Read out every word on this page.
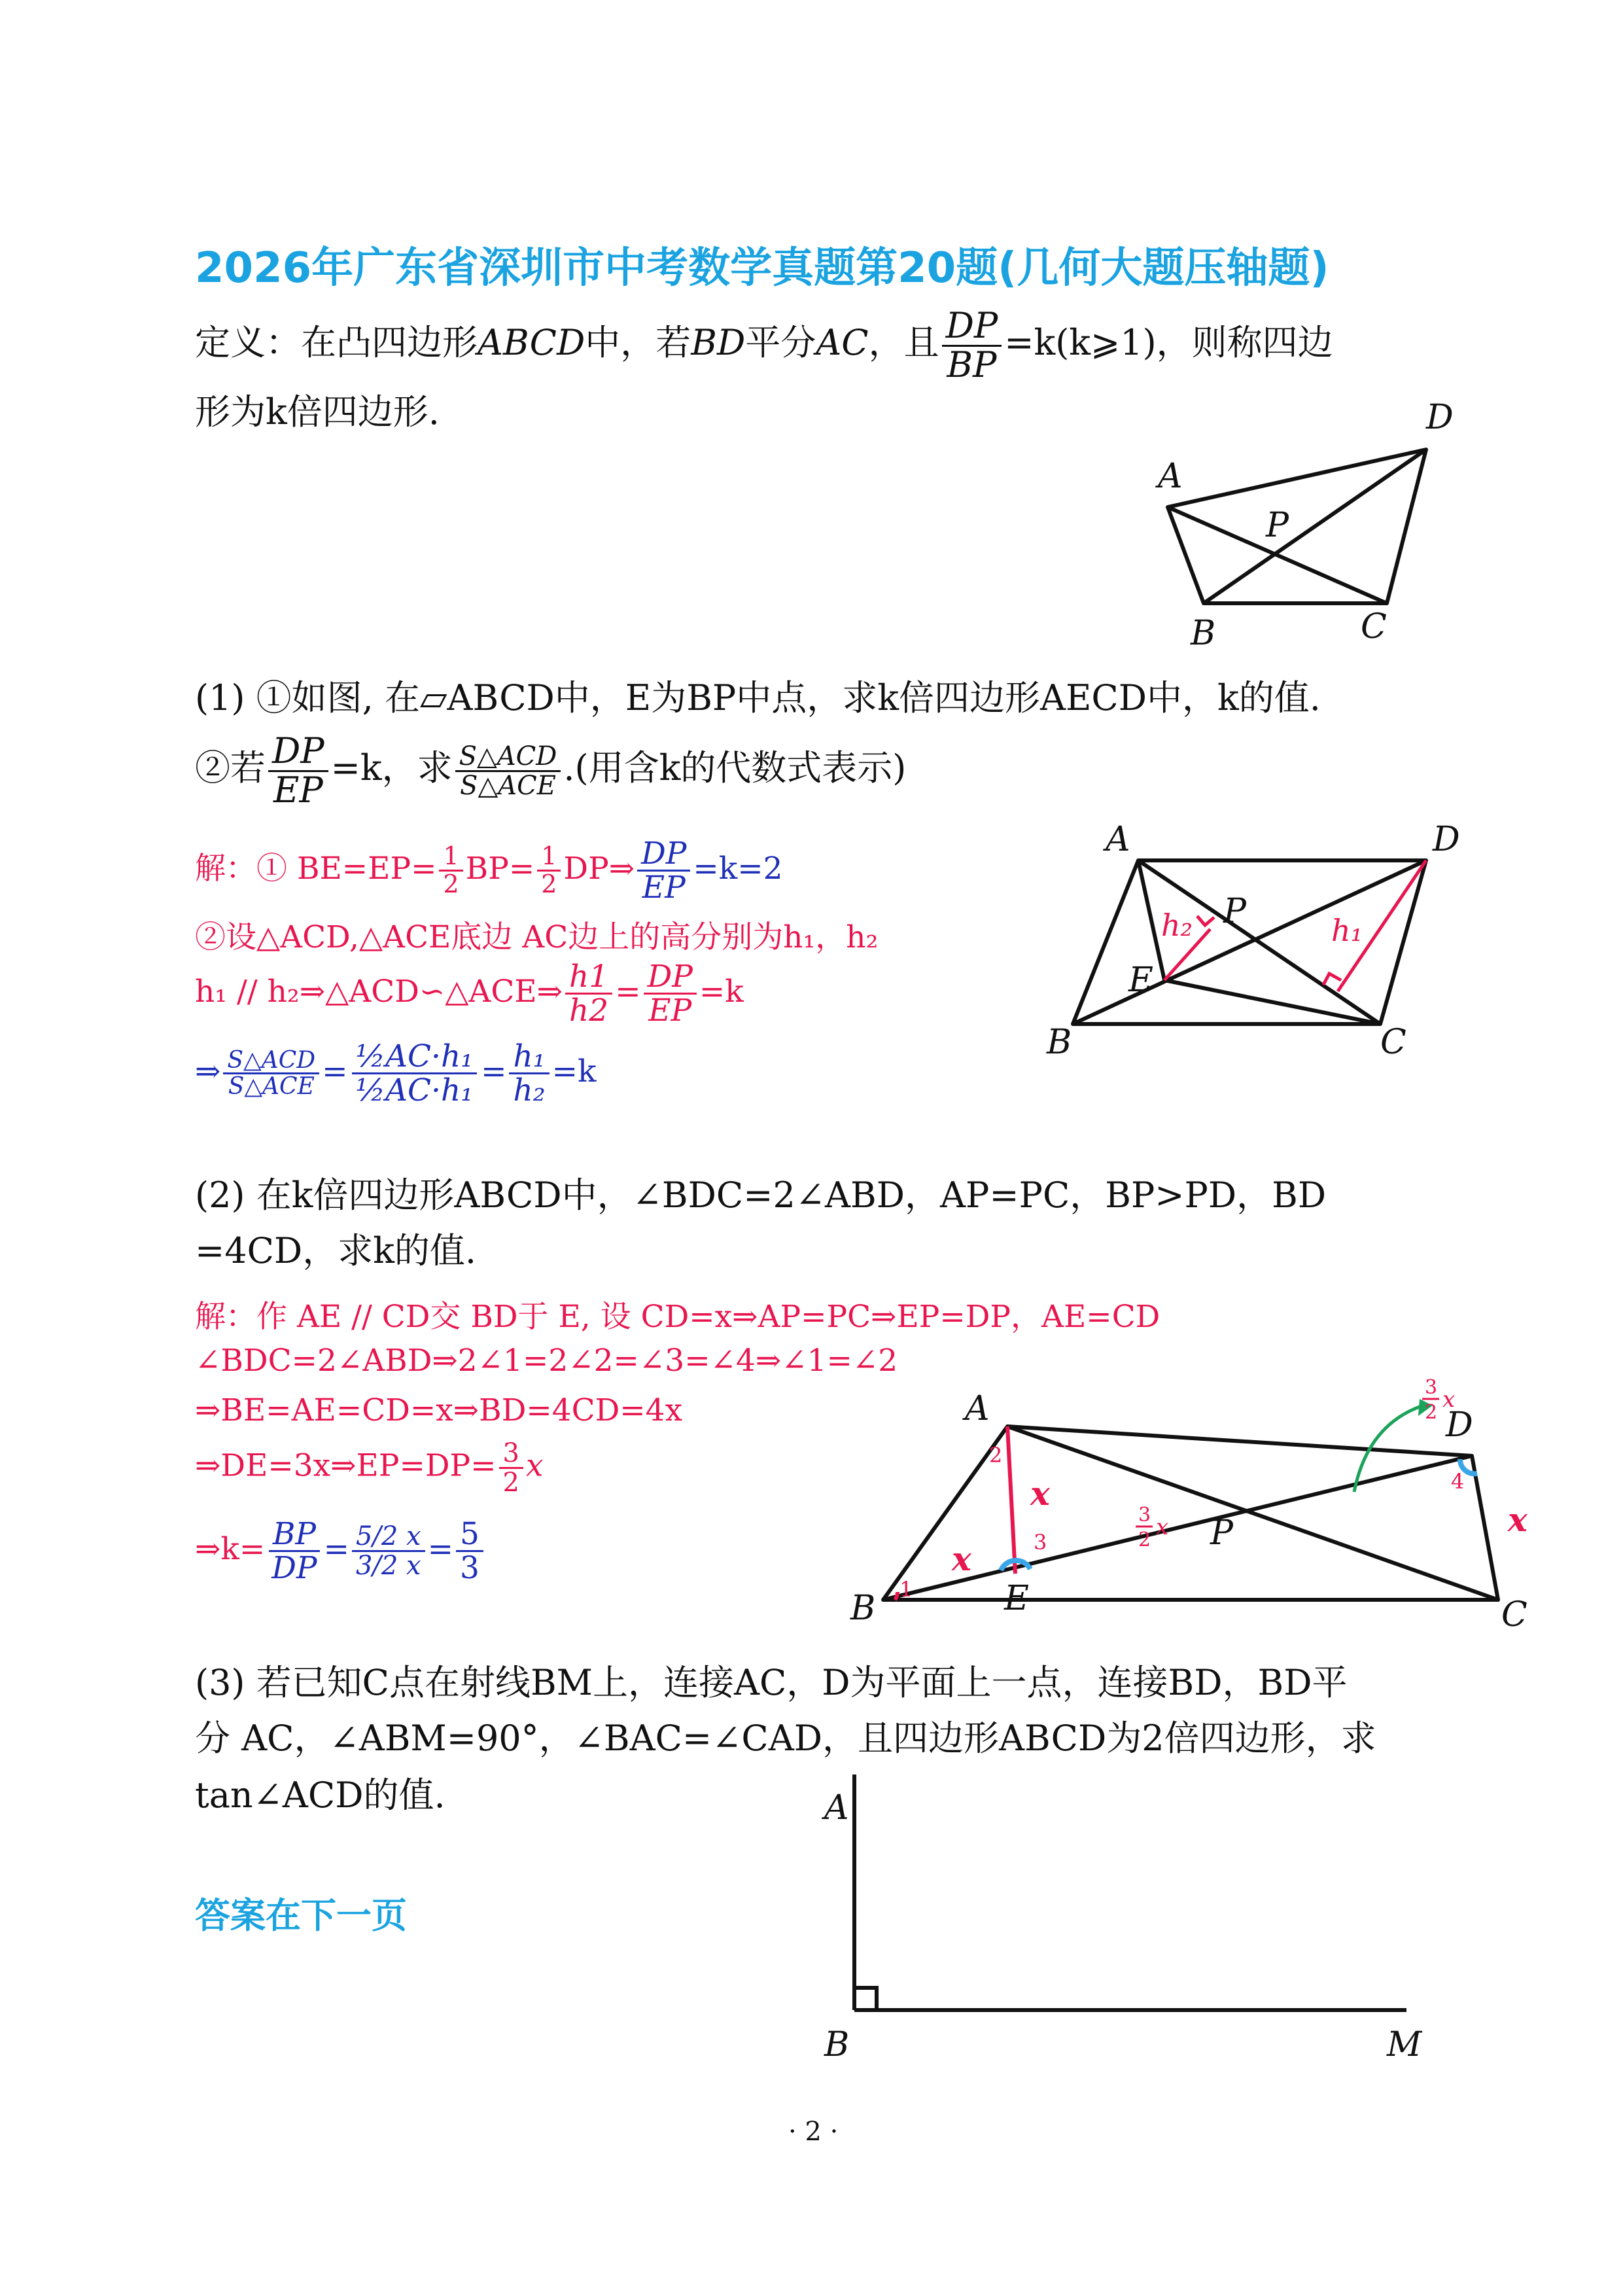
2026年广东省深圳市中考数学真题第20题(几何大题压轴题)
定义：在凸四边形ABCD中，若BD平分AC，且 $\frac{DP}{BP}$ =k(k⩾1)，则称四边
形为k倍四边形.
A
D
P
B	C
(1) ①如图, 在▱ABCD中，E为BP中点，求k倍四边形AECD中，k的值.
②若 $\frac{DP}{EP} =k$，求 $\frac{\text{S△ACD}}{\text{S△ACE}}$ .(用含k的代数式表示)
解：① $BE=EP= \frac{1}{2} BP= \frac{1}{2}$ DP⇒ $\frac{DP}{EP} =k=2$
②设△ACD,△ACE底边 AC边上的高分别为h₁，h₂
h₁ // h₂⇒△ACD∽△ACE⇒ $\frac{h1}{h2} = \frac{DP}{EP} =k$
⇒ $\frac{\text{S△ACD}}{\text{S△ACE}} = \frac{\text{½AC·h₁}}{\text{½AC·h₁}} = \frac{\text{h₁}}{\text{h₂}} =k$
A	D
P
E
B	C
h₂	h₁
(2) 在k倍四边形ABCD中，∠BDC=2∠ABD，AP=PC，BP>PD，BD
=4CD，求k的值.
解：作 AE // CD交 BD于 E, 设 CD=x⇒AP=PC⇒EP=DP，AE=CD
∠BDC=2∠ABD⇒2∠1=2∠2=∠3=∠4⇒∠1=∠2
⇒BE=AE=CD=x⇒BD=4CD=4x
⇒DE=3x⇒EP=DP= $\frac{3}{2}$ x
⇒k= $\frac{BP}{DP} = \frac{5/2 x}{3/2 x} = \frac{5}{3}$
A	D
P
E
B	C
x
x
x
2
1
3
4
3
2 x
3
2 x
(3) 若已知C点在射线BM上，连接AC，D为平面上一点，连接BD，BD平
分 AC，∠ABM=90°，∠BAC=∠CAD，且四边形ABCD为2倍四边形，求
tan∠ACD的值.
答案在下一页
A
B	M
· 2 ·
